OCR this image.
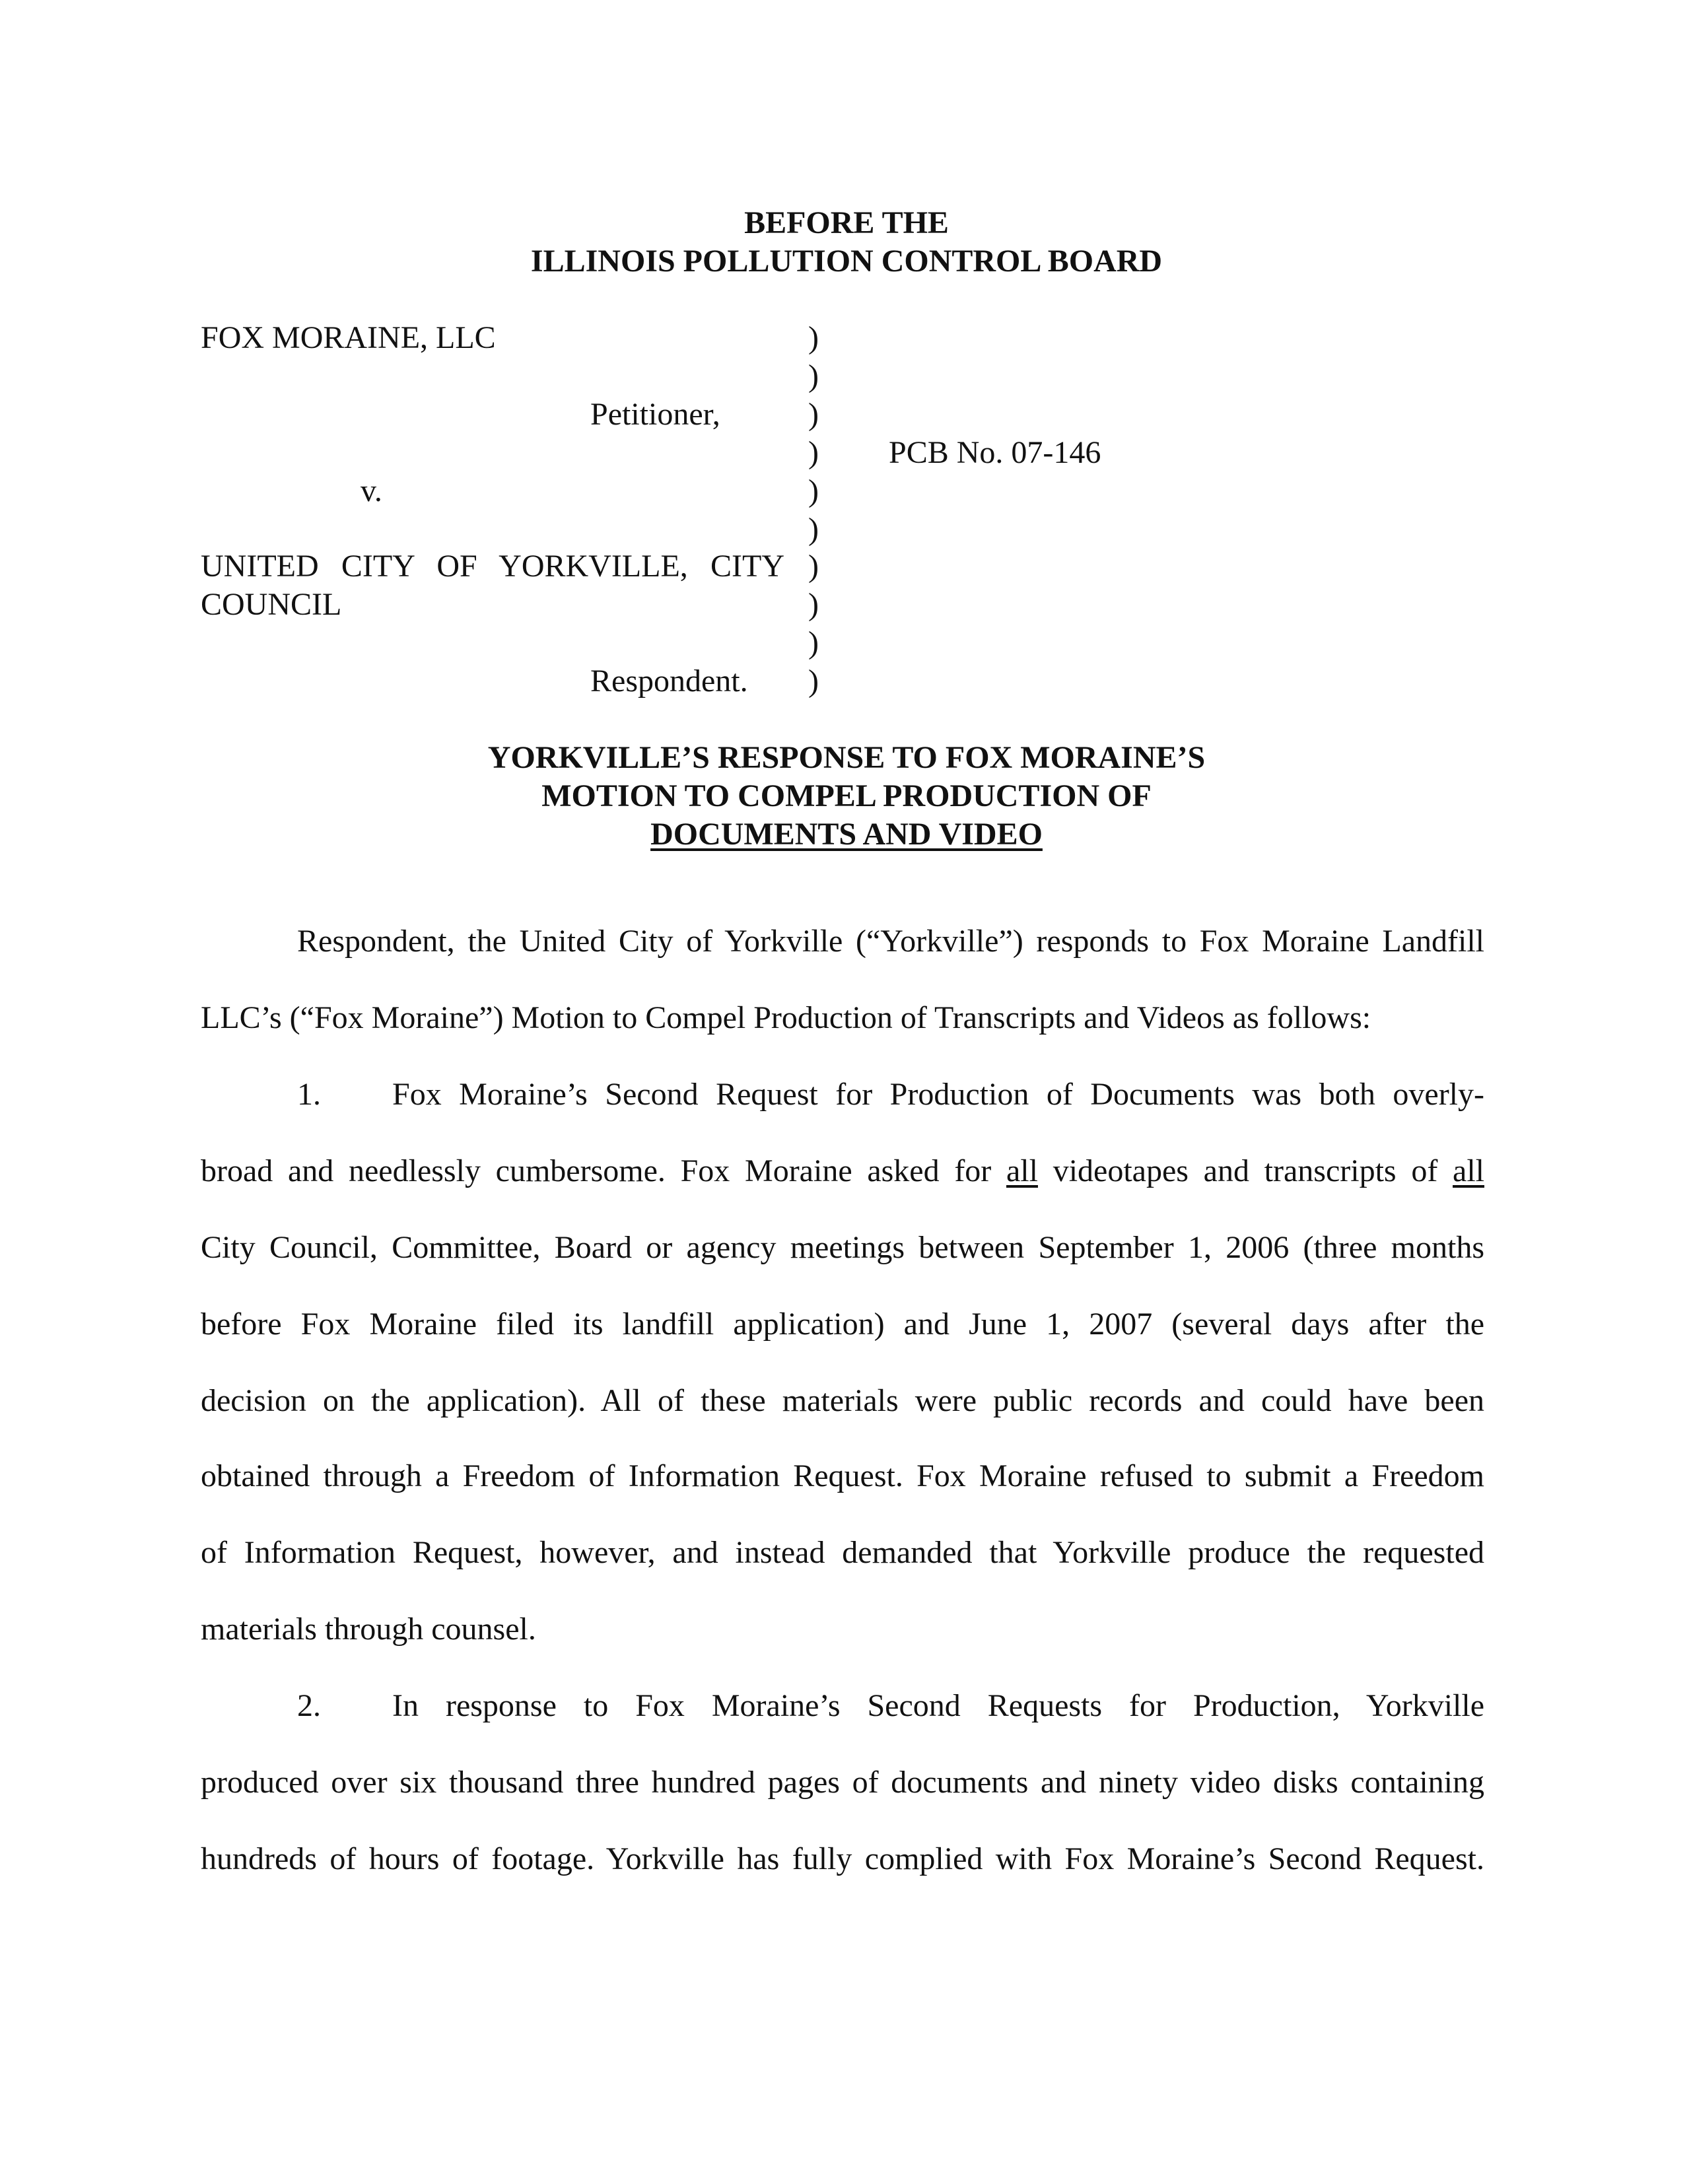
BEFORE THE
ILLINOIS POLLUTION CONTROL BOARD
FOX MORAINE, LLC
Petitioner,
v.
UNITED CITY OF YORKVILLE, CITY
COUNCIL
Respondent.
)
)
)
)
)
)
)
)
)
)
PCB No. 07-146
YORKVILLE’S RESPONSE TO FOX MORAINE’S
MOTION TO COMPEL PRODUCTION OF
DOCUMENTS AND VIDEO
Respondent, the United City of Yorkville (“Yorkville”) responds to Fox Moraine Landfill
LLC’s (“Fox Moraine”) Motion to Compel Production of Transcripts and Videos as follows:
1. Fox Moraine’s Second Request for Production of Documents was both overly-
broad and needlessly cumbersome. Fox Moraine asked for all videotapes and transcripts of all
City Council, Committee, Board or agency meetings between September 1, 2006 (three months
before Fox Moraine filed its landfill application) and June 1, 2007 (several days after the
decision on the application). All of these materials were public records and could have been
obtained through a Freedom of Information Request. Fox Moraine refused to submit a Freedom
of Information Request, however, and instead demanded that Yorkville produce the requested
materials through counsel.
2. In response to Fox Moraine’s Second Requests for Production, Yorkville
produced over six thousand three hundred pages of documents and ninety video disks containing
hundreds of hours of footage. Yorkville has fully complied with Fox Moraine’s Second Request.
